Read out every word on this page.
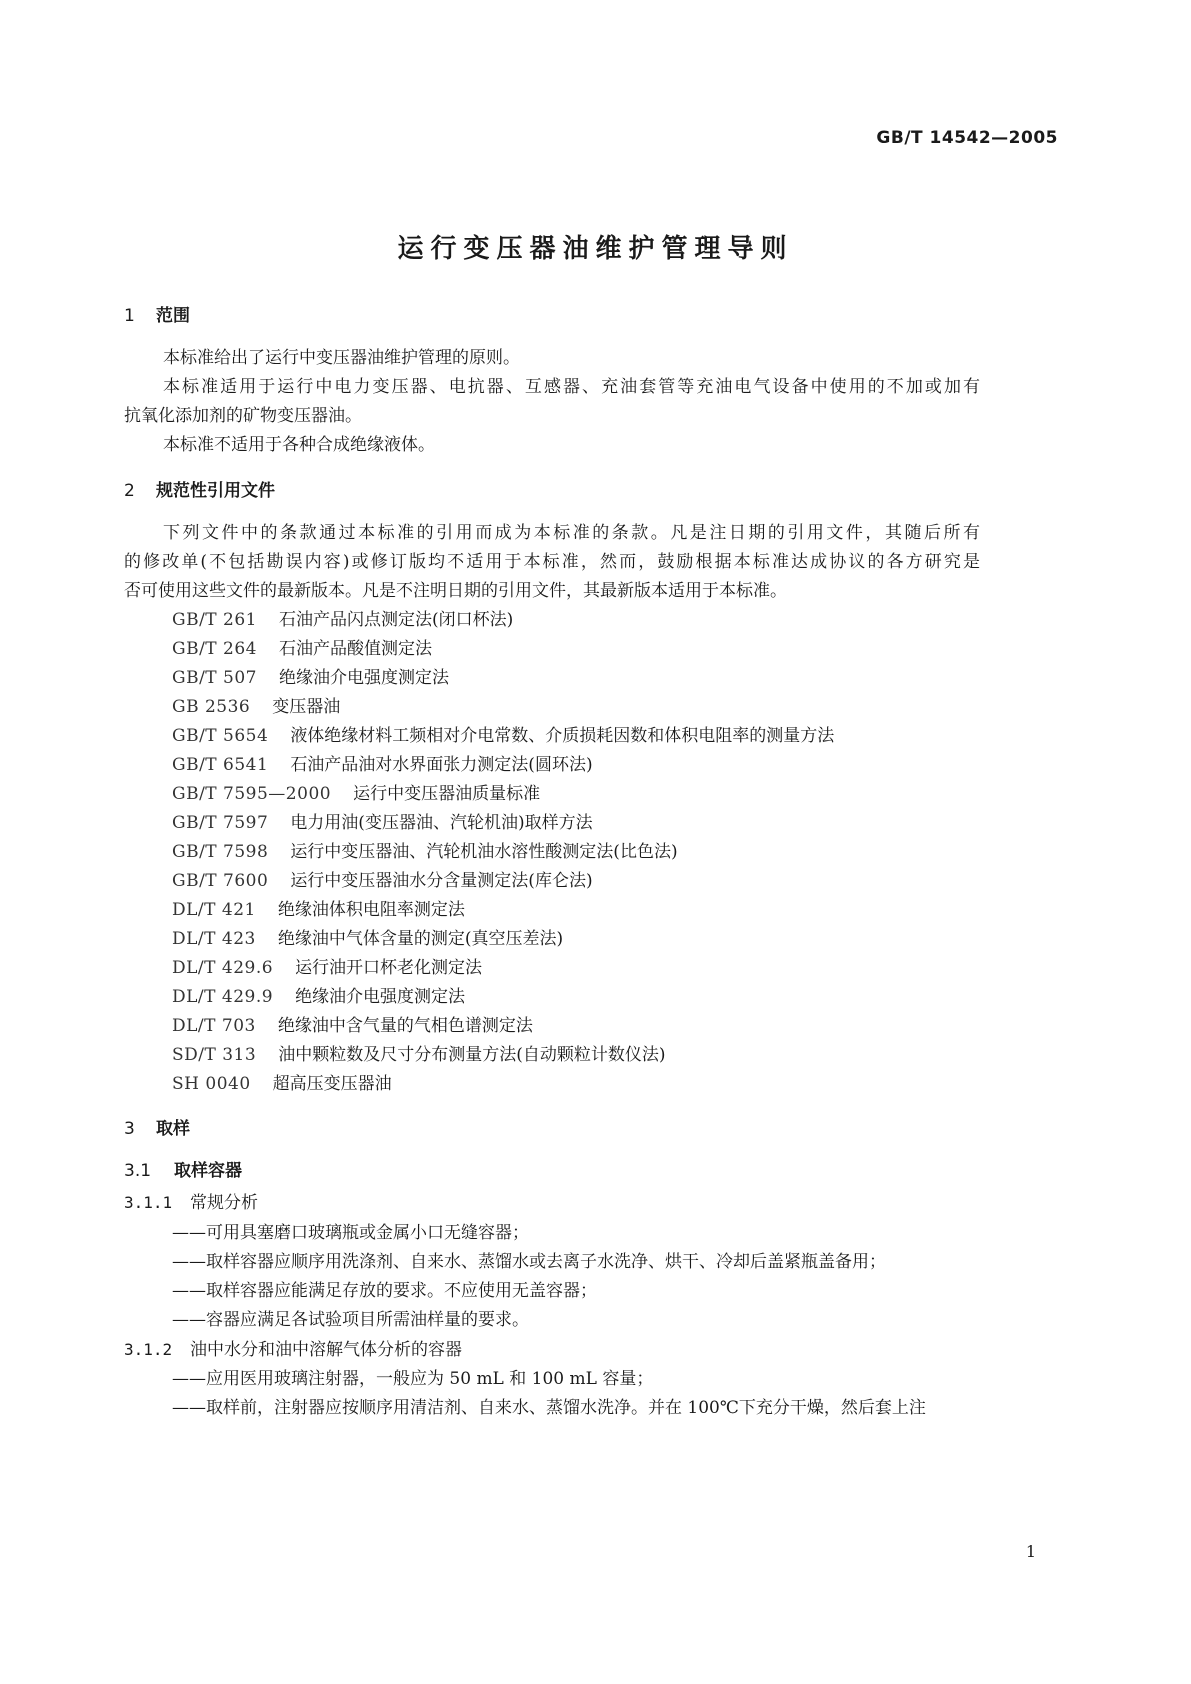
GB/T 14542—2005
运行变压器油维护管理导则
1 范围
本标准给出了运行中变压器油维护管理的原则。
本标准适用于运行中电力变压器、电抗器、互感器、充油套管等充油电气设备中使用的不加或加有
抗氧化添加剂的矿物变压器油。
本标准不适用于各种合成绝缘液体。
2 规范性引用文件
下列文件中的条款通过本标准的引用而成为本标准的条款。凡是注日期的引用文件，其随后所有
的修改单(不包括勘误内容)或修订版均不适用于本标准，然而，鼓励根据本标准达成协议的各方研究是
否可使用这些文件的最新版本。凡是不注明日期的引用文件，其最新版本适用于本标准。
GB/T 261 石油产品闪点测定法(闭口杯法)
GB/T 264 石油产品酸值测定法
GB/T 507 绝缘油介电强度测定法
GB 2536 变压器油
GB/T 5654 液体绝缘材料工频相对介电常数、介质损耗因数和体积电阻率的测量方法
GB/T 6541 石油产品油对水界面张力测定法(圆环法)
GB/T 7595—2000 运行中变压器油质量标准
GB/T 7597 电力用油(变压器油、汽轮机油)取样方法
GB/T 7598 运行中变压器油、汽轮机油水溶性酸测定法(比色法)
GB/T 7600 运行中变压器油水分含量测定法(库仑法)
DL/T 421 绝缘油体积电阻率测定法
DL/T 423 绝缘油中气体含量的测定(真空压差法)
DL/T 429.6 运行油开口杯老化测定法
DL/T 429.9 绝缘油介电强度测定法
DL/T 703 绝缘油中含气量的气相色谱测定法
SD/T 313 油中颗粒数及尺寸分布测量方法(自动颗粒计数仪法)
SH 0040 超高压变压器油
3 取样
3.1 取样容器
3.1.1 常规分析
——可用具塞磨口玻璃瓶或金属小口无缝容器；
——取样容器应顺序用洗涤剂、自来水、蒸馏水或去离子水洗净、烘干、冷却后盖紧瓶盖备用；
——取样容器应能满足存放的要求。不应使用无盖容器；
——容器应满足各试验项目所需油样量的要求。
3.1.2 油中水分和油中溶解气体分析的容器
——应用医用玻璃注射器，一般应为 50 mL 和 100 mL 容量；
——取样前，注射器应按顺序用清洁剂、自来水、蒸馏水洗净。并在 100℃下充分干燥，然后套上注
1
